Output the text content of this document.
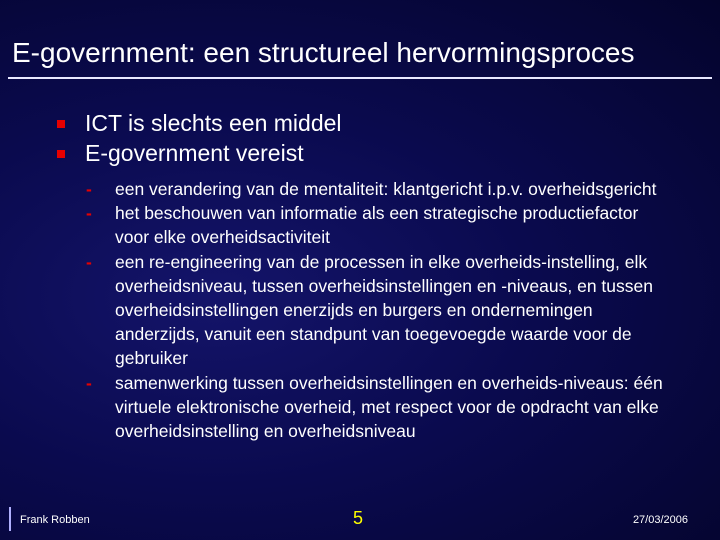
E-government: een structureel hervormingsproces
ICT is slechts een middel
E-government vereist
- een verandering van de mentaliteit: klantgericht i.p.v. overheidsgericht
- het beschouwen van informatie als een strategische productiefactor voor elke overheidsactiviteit
- een re-engineering van de processen in elke overheids-instelling, elk overheidsniveau, tussen overheidsinstellingen en -niveaus, en tussen overheidsinstellingen enerzijds en burgers en ondernemingen anderzijds, vanuit een standpunt van toegevoegde waarde voor de gebruiker
- samenwerking tussen overheidsinstellingen en overheids-niveaus: één virtuele elektronische overheid, met respect voor de opdracht van elke overheidsinstelling en overheidsniveau
Frank Robben	5	27/03/2006
